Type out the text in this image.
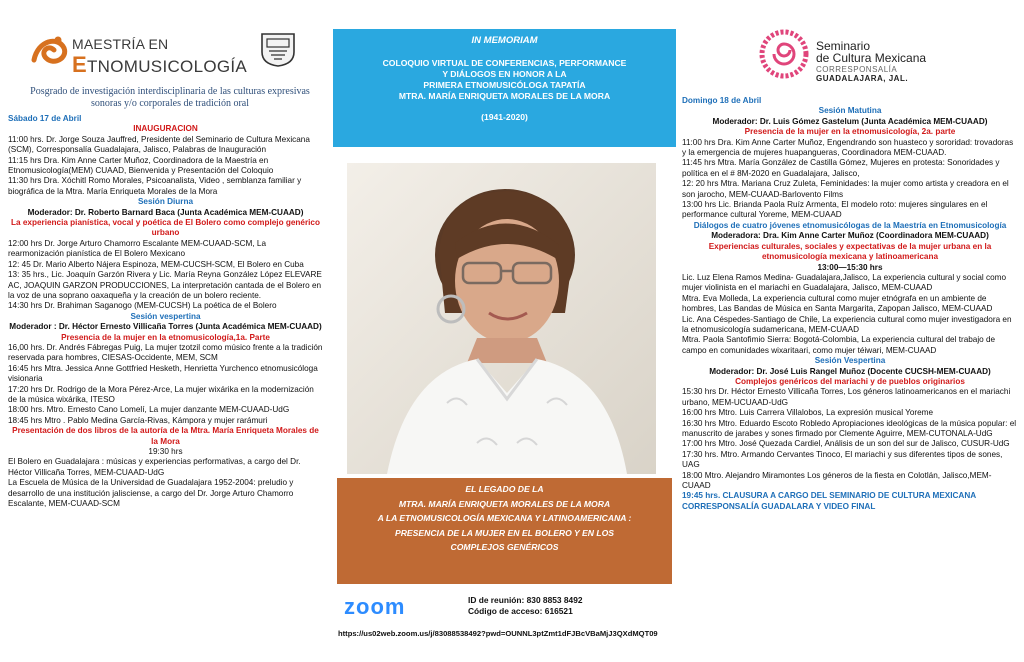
MAESTRÍA EN
ETNOMUSICOLOGÍA
Posgrado de investigación interdisciplinaria de las culturas expresivas sonoras y/o corporales de tradición oral

Sábado 17 de Abril

INAUGURACION

11:00 hrs. Dr. Jorge Souza Jauffred, Presidente del Seminario de Cultura Mexicana (SCM), Corresponsalía Guadalajara, Jalisco, Palabras de Inauguración

11:15 hrs Dra. Kim Anne Carter Muñoz, Coordinadora de la Maestría en Etnomusicología(MEM) CUAAD, Bienvenida y Presentación del Coloquio

11:30 hrs Dra. Xóchitl Romo Morales, Psicoanalista, Video , semblanza familiar y biográfica de la Mtra. María Enriqueta Morales de la Mora

Sesión Diurna

Moderador: Dr. Roberto Barnard Baca (Junta Académica MEM-CUAAD)

La experiencia pianística, vocal y poética de El Bolero como complejo genérico urbano

12:00 hrs Dr. Jorge Arturo Chamorro Escalante MEM-CUAAD-SCM, La rearmonización pianística de El Bolero Mexicano

12: 45 Dr. Mario Alberto Nájera Espinoza, MEM-CUCSH-SCM, El Bolero en Cuba

13: 35 hrs., Lic. Joaquín Garzón Rivera y Lic. María Reyna González López ELEVARE AC, JOAQUIN GARZON PRODUCCIONES, La interpretación cantada de el Bolero en la voz de una soprano oaxaqueña y la creación de un bolero reciente.

14:30 hrs Dr. Brahiman Saganogo (MEM-CUCSH) La poética de el Bolero

Sesión vespertina

Moderador : Dr. Héctor Ernesto Villicaña Torres (Junta Académica MEM-CUAAD)

Presencia de la mujer en la etnomusicología,1a. Parte

16,00 hrs. Dr. Andrés Fábregas Puig, La mujer tzotzil como músico frente a la tradición reservada para hombres, CIESAS-Occidente, MEM, SCM

16:45 hrs Mtra. Jessica Anne Gottfried Hesketh, Henrietta Yurchenco etnomusicóloga visionaria

17:20 hrs Dr. Rodrigo de la Mora Pérez-Arce, La mujer wixárika en la modernización de la música wixárika, ITESO

18:00 hrs. Mtro. Ernesto Cano Lomelí, La mujer danzante MEM-CUAAD-UdG

18:45 hrs Mtro . Pablo Medina García-Rivas, Kámpora y mujer rarámuri

Presentación de dos libros de la autoría de la Mtra. María Enriqueta Morales de la Mora

19:30 hrs

El Bolero en Guadalajara : músicas y experiencias performativas, a cargo del Dr. Héctor Villicaña Torres, MEM-CUAAD-UdG

La Escuela de Música de la Universidad de Guadalajara 1952-2004: preludio y desarrollo de una institución jalisciense, a cargo del Dr. Jorge Arturo Chamorro Escalante, MEM-CUAAD-SCM

IN MEMORIAM
COLOQUIO VIRTUAL DE CONFERENCIAS, PERFORMANCE
Y DIÁLOGOS EN HONOR A LA
PRIMERA ETNOMUSICÓLOGA TAPATÍA
MTRA. MARÍA ENRIQUETA MORALES DE LA MORA
(1941-2020)
EL LEGADO DE LA
MTRA. MARÍA ENRIQUETA MORALES DE LA MORA
A LA ETNOMUSICOLOGÍA MEXICANA Y LATINOAMERICANA :
PRESENCIA DE LA MUJER EN EL BOLERO Y EN LOS
COMPLEJOS GENÉRICOS
zoom	ID de reunión: 830 8853 8492
Código de acceso: 616521
https://us02web.zoom.us/j/83088538492?pwd=OUNNL3ptZmt1dFJBcVBaMjJ3QXdMQT09
Seminario
de Cultura Mexicana
CORRESPONSALÍA
GUADALAJARA, JAL.

Domingo 18 de Abril

Sesión Matutina

Moderador: Dr. Luis Gómez Gastelum (Junta Académica MEM-CUAAD)

Presencia de la mujer en la etnomusicología, 2a. parte

11:00 hrs Dra. Kim Anne Carter Muñoz, Engendrando son huasteco y sororidad: trovadoras y la emergencia de mujeres huapangueras, Coordinadora MEM-CUAAD.

11:45 hrs Mtra. María González de Castilla Gómez, Mujeres en protesta: Sonoridades y política en el # 8M-2020 en Guadalajara, Jalisco,

12: 20 hrs Mtra. Mariana Cruz Zuleta, Feminidades: la mujer como artista y creadora en el son jarocho, MEM-CUAAD-Barlovento Films

13:00 hrs Lic. Brianda Paola Ruíz Armenta, El modelo roto: mujeres singulares en el performance cultural Yoreme, MEM-CUAAD

Diálogos de cuatro jóvenes etnomusicólogas de la Maestría en Etnomusicología

Moderadora: Dra. Kim Anne Carter Muñoz (Coordinadora MEM-CUAAD)

Experiencias culturales, sociales y expectativas de la mujer urbana en la etnomusicología mexicana y latinoamericana

13:00—15:30 hrs

Lic. Luz Elena Ramos Medina- Guadalajara,Jalisco, La experiencia cultural y social como mujer violinista en el mariachi en Guadalajara, Jalisco, MEM-CUAAD

Mtra. Eva Molleda, La experiencia cultural como mujer etnógrafa en un ambiente de hombres, Las Bandas de Música en Santa Margarita, Zapopan Jalisco, MEM-CUAAD

Lic. Ana Céspedes-Santiago de Chile, La experiencia cultural como mujer investigadora en la etnomusicología sudamericana, MEM-CUAAD

Mtra. Paola Santofimio Sierra: Bogotá-Colombia, La experiencia cultural del trabajo de campo en comunidades wixaritaari, como mujer téiwari, MEM-CUAAD

Sesión Vespertina

Moderador: Dr. José Luis Rangel Muñoz (Docente CUCSH-MEM-CUAAD)

Complejos genéricos del mariachi y de pueblos originarios

15:30 hrs Dr. Héctor Ernesto Villicaña Torres, Los géneros latinoamericanos en el mariachi urbano, MEM-UCUAAD-UdG

16:00 hrs Mtro. Luis Carrera Villalobos, La expresión musical Yoreme

16:30 hrs Mtro. Eduardo Escoto Robledo Apropiaciones ideológicas de la música popular: el manuscrito de jarabes y sones firmado por Clemente Aguirre, MEM-CUTONALA-UdG

17:00 hrs Mtro. José Quezada Cardiel, Análisis de un son del sur de Jalisco, CUSUR-UdG

17:30 hrs. Mtro. Armando Cervantes Tinoco, El mariachi y sus diferentes tipos de sones, UAG

18:00 Mtro. Alejandro Miramontes Los géneros de la fiesta en Colotlán, Jalisco,MEM-CUAAD

19:45 hrs. CLAUSURA A CARGO DEL SEMINARIO DE CULTURA MEXICANA CORRESPONSALÍA GUADALARA Y VIDEO FINAL
